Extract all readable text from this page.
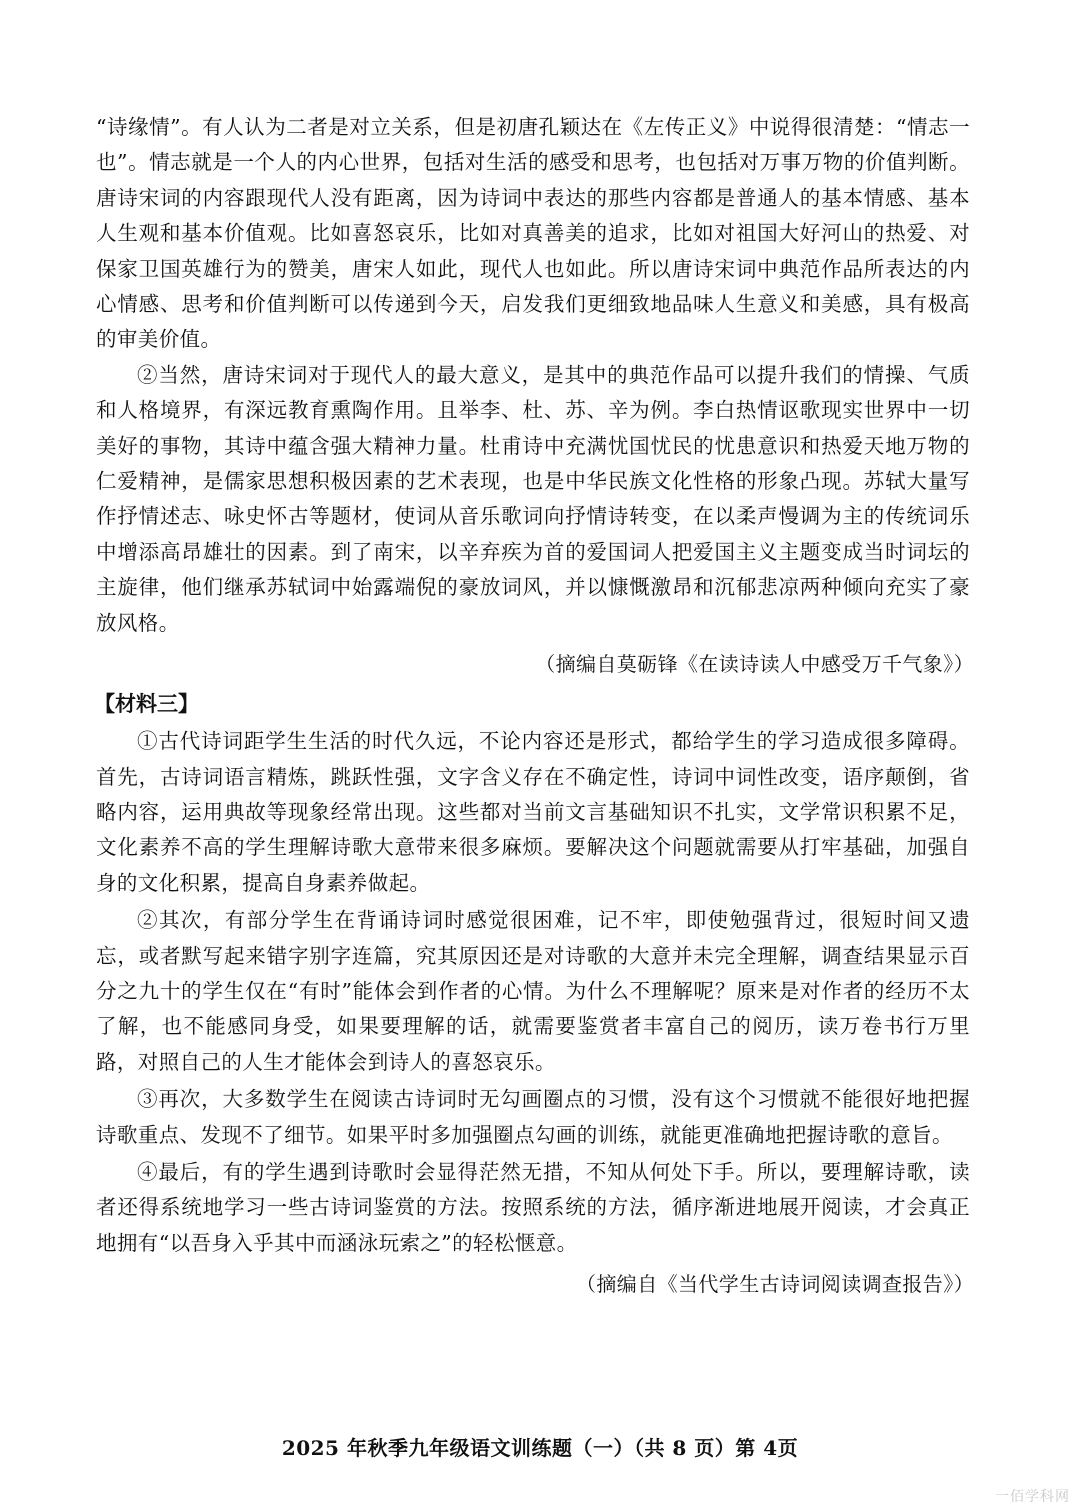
“诗缘情”。有人认为二者是对立关系，但是初唐孔颖达在《左传正义》中说得很清楚：“情志一也”。情志就是一个人的内心世界，包括对生活的感受和思考，也包括对万事万物的价值判断。唐诗宋词的内容跟现代人没有距离，因为诗词中表达的那些内容都是普通人的基本情感、基本人生观和基本价值观。比如喜怒哀乐，比如对真善美的追求，比如对祖国大好河山的热爱、对保家卫国英雄行为的赞美，唐宋人如此，现代人也如此。所以唐诗宋词中典范作品所表达的内心情感、思考和价值判断可以传递到今天，启发我们更细致地品味人生意义和美感，具有极高的审美价值。

②当然，唐诗宋词对于现代人的最大意义，是其中的典范作品可以提升我们的情操、气质和人格境界，有深远教育熏陶作用。且举李、杜、苏、辛为例。李白热情讴歌现实世界中一切美好的事物，其诗中蕴含强大精神力量。杜甫诗中充满忧国忧民的忧患意识和热爱天地万物的仁爱精神，是儒家思想积极因素的艺术表现，也是中华民族文化性格的形象凸现。苏轼大量写作抒情述志、咏史怀古等题材，使词从音乐歌词向抒情诗转变，在以柔声慢调为主的传统词乐中增添高昂雄壮的因素。到了南宋，以辛弃疾为首的爱国词人把爱国主义主题变成当时词坛的主旋律，他们继承苏轼词中始露端倪的豪放词风，并以慷慨激昂和沉郁悲凉两种倾向充实了豪放风格。

（摘编自莫砺锋《在读诗读人中感受万千气象》）

【材料三】

①古代诗词距学生生活的时代久远，不论内容还是形式，都给学生的学习造成很多障碍。首先，古诗词语言精炼，跳跃性强，文字含义存在不确定性，诗词中词性改变，语序颠倒，省略内容，运用典故等现象经常出现。这些都对当前文言基础知识不扎实，文学常识积累不足，文化素养不高的学生理解诗歌大意带来很多麻烦。要解决这个问题就需要从打牢基础，加强自身的文化积累，提高自身素养做起。

②其次，有部分学生在背诵诗词时感觉很困难，记不牢，即使勉强背过，很短时间又遗忘，或者默写起来错字别字连篇，究其原因还是对诗歌的大意并未完全理解，调查结果显示百分之九十的学生仅在“有时”能体会到作者的心情。为什么不理解呢？原来是对作者的经历不太了解，也不能感同身受，如果要理解的话，就需要鉴赏者丰富自己的阅历，读万卷书行万里路，对照自己的人生才能体会到诗人的喜怒哀乐。

③再次，大多数学生在阅读古诗词时无勾画圈点的习惯，没有这个习惯就不能很好地把握诗歌重点、发现不了细节。如果平时多加强圈点勾画的训练，就能更准确地把握诗歌的意旨。

④最后，有的学生遇到诗歌时会显得茫然无措，不知从何处下手。所以，要理解诗歌，读者还得系统地学习一些古诗词鉴赏的方法。按照系统的方法，循序渐进地展开阅读，才会真正地拥有“以吾身入乎其中而涵泳玩索之”的轻松惬意。

（摘编自《当代学生古诗词阅读调查报告》）

2025 年秋季九年级语文训练题（一）（共 8 页）第 4页
一佰学科网
